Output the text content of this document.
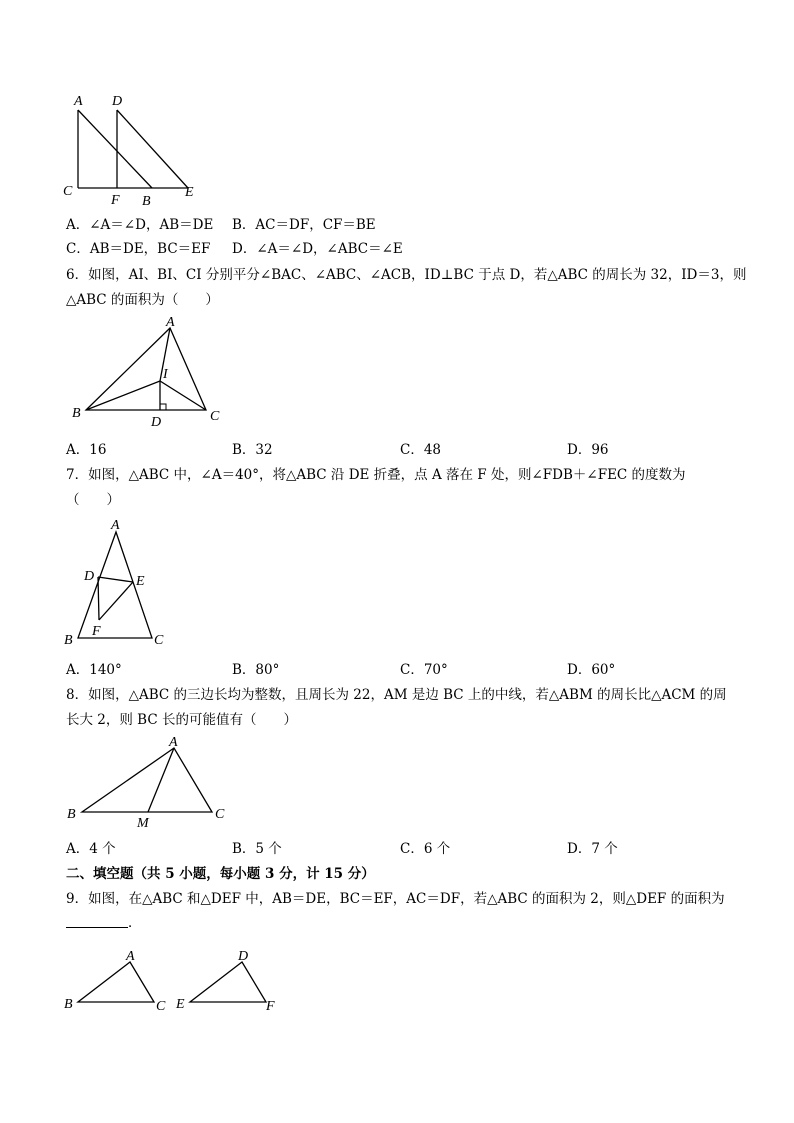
A D
C
F B
E
A．∠A＝∠D，AB＝DE B．AC＝DF，CF＝BE
C．AB＝DE，BC＝EF D．∠A＝∠D，∠ABC＝∠E
6．如图，AI、BI、CI 分别平分∠BAC、∠ABC、∠ACB，ID⊥BC 于点 D，若△ABC 的周长为 32，ID＝3，则
△ABC 的面积为（　　）
A
I
B
D	C
A．16	B．32	C．48	D．96
7．如图，△ABC 中，∠A＝40°，将△ABC 沿 DE 折叠，点 A 落在 F 处，则∠FDB＋∠FEC 的度数为
（　　）
A
D	E
F
B	C
A．140°	B．80°	C．70°	D．60°
8．如图，△ABC 的三边长均为整数，且周长为 22，AM 是边 BC 上的中线，若△ABM 的周长比△ACM 的周
长大 2，则 BC 长的可能值有（　　）
A
B
M
C
A．4 个	B．5 个	C．6 个	D．7 个
二、填空题（共 5 小题，每小题 3 分，计 15 分）
9．如图，在△ABC 和△DEF 中，AB＝DE，BC＝EF，AC＝DF，若△ABC 的面积为 2，则△DEF 的面积为
．
A
B	C
D
E	F
